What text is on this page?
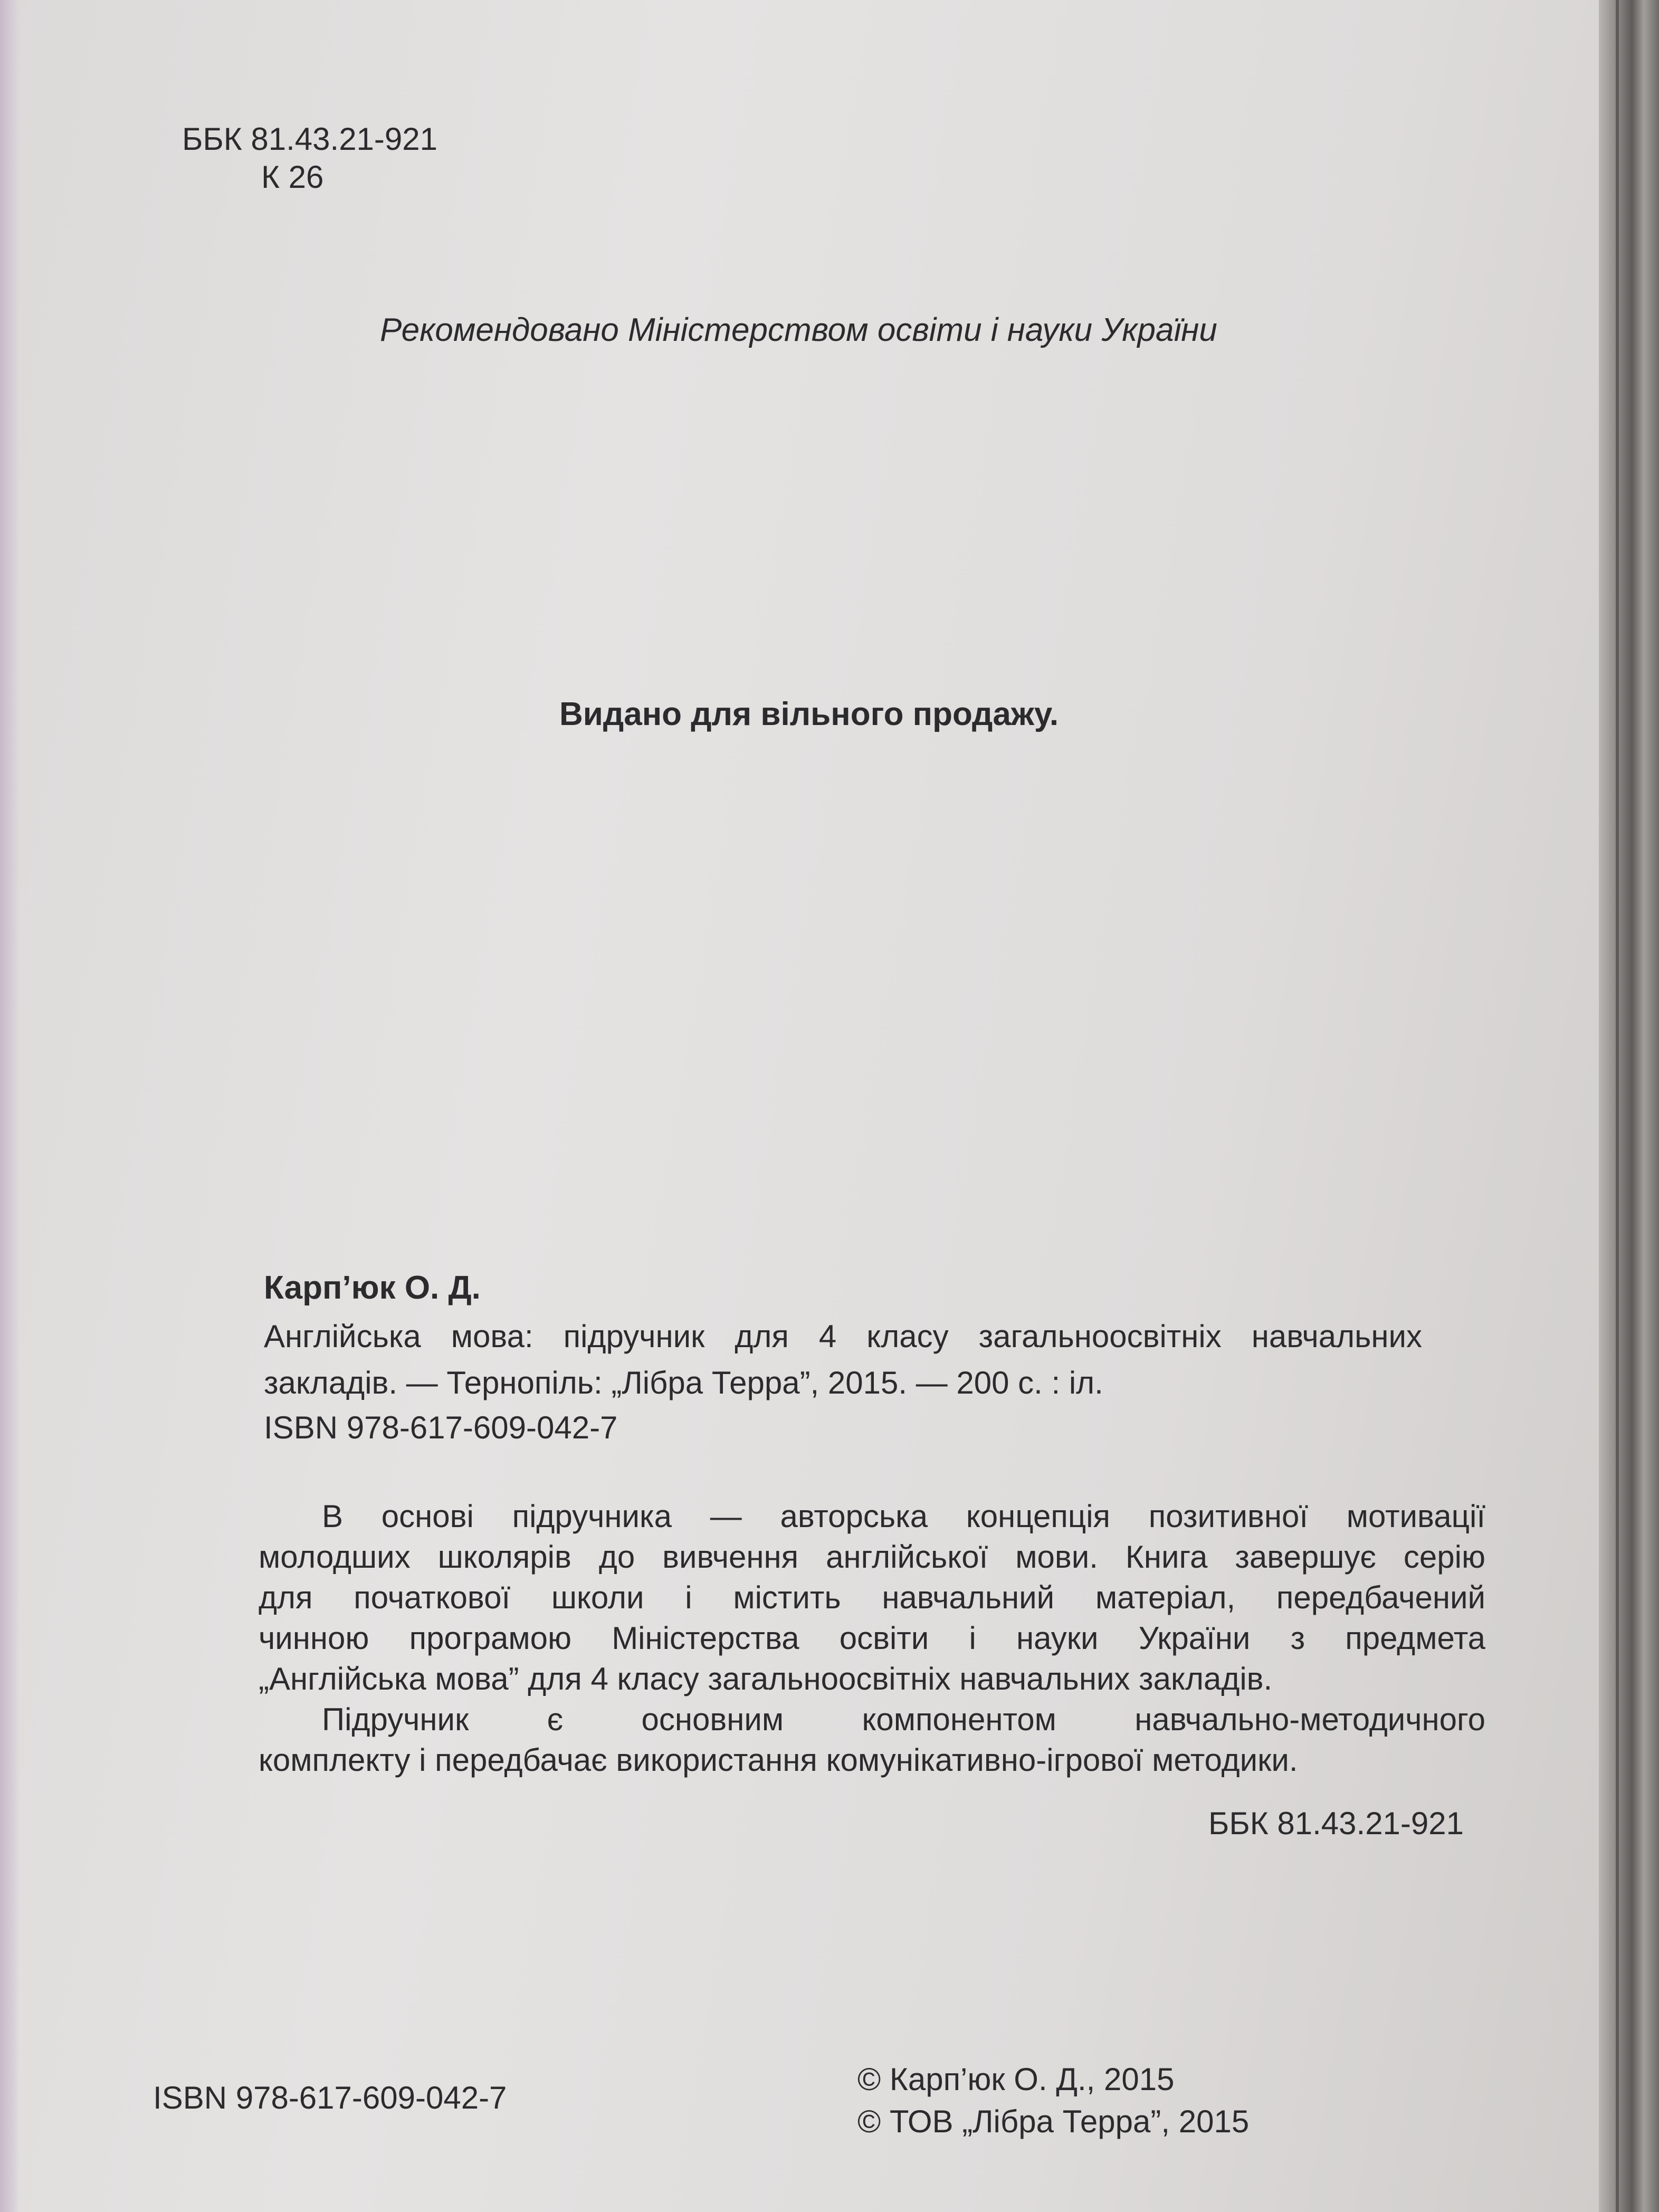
ББК 81.43.21-921
К 26
Рекомендовано Міністерством освіти і науки України
Видано для вільного продажу.
Карп’юк О. Д.
Англійська мова: підручник для 4 класу загальноосвітніх навчальних
закладів. — Тернопіль: „Лібра Терра”, 2015. — 200 с. : іл.
ISBN 978-617-609-042-7

В основі підручника — авторська концепція позитивної мотивації

молодших школярів до вивчення англійської мови. Книга завершує серію

для початкової школи і містить навчальний матеріал, передбачений

чинною програмою Міністерства освіти і науки України з предмета

„Англійська мова” для 4 класу загальноосвітніх навчальних закладів.

Підручник є основним компонентом навчально-методичного

комплекту і передбачає використання комунікативно-ігрової методики.

ББК 81.43.21-921
ISBN 978-617-609-042-7
© Карп’юк О. Д., 2015
© ТОВ „Лібра Терра”, 2015
